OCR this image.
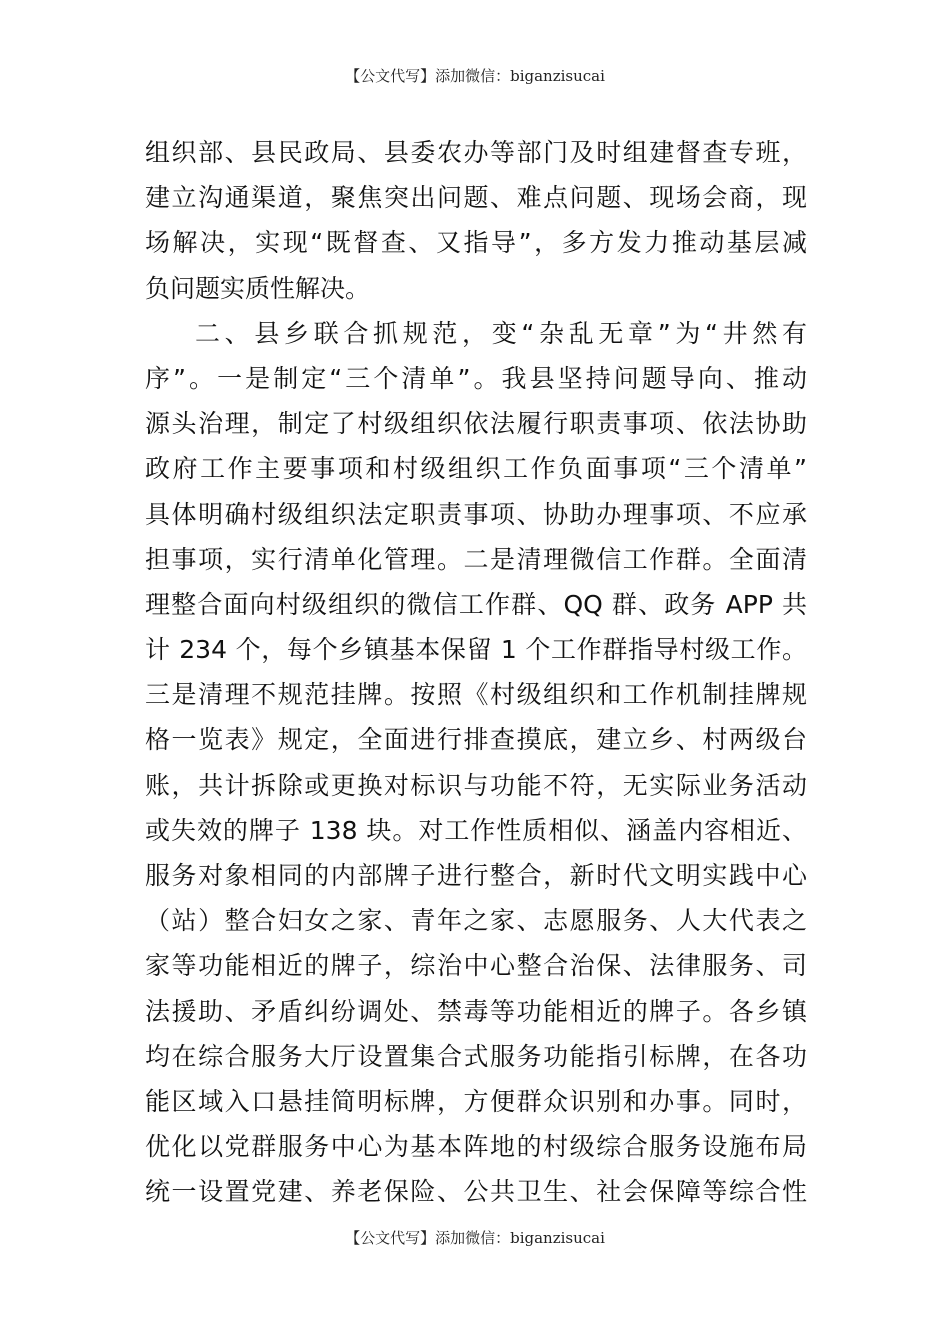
【公文代写】添加微信：biganzisucai
组织部、县民政局、县委农办等部门及时组建督查专班，
建立沟通渠道，聚焦突出问题、难点问题、现场会商，现
场解决，实现“既督查、又指导”，多方发力推动基层减
负问题实质性解决。
二、县乡联合抓规范，变“杂乱无章”为“井然有
序”。一是制定“三个清单”。我县坚持问题导向、推动
源头治理，制定了村级组织依法履行职责事项、依法协助
政府工作主要事项和村级组织工作负面事项“三个清单”
具体明确村级组织法定职责事项、协助办理事项、不应承
担事项，实行清单化管理。二是清理微信工作群。全面清
理整合面向村级组织的微信工作群、QQ 群、政务 APP 共
计 234 个，每个乡镇基本保留 1 个工作群指导村级工作。
三是清理不规范挂牌。按照《村级组织和工作机制挂牌规
格一览表》规定，全面进行排查摸底，建立乡、村两级台
账，共计拆除或更换对标识与功能不符，无实际业务活动
或失效的牌子 138 块。对工作性质相似、涵盖内容相近、
服务对象相同的内部牌子进行整合，新时代文明实践中心
（站）整合妇女之家、青年之家、志愿服务、人大代表之
家等功能相近的牌子，综治中心整合治保、法律服务、司
法援助、矛盾纠纷调处、禁毒等功能相近的牌子。各乡镇
均在综合服务大厅设置集合式服务功能指引标牌，在各功
能区域入口悬挂简明标牌，方便群众识别和办事。同时，
优化以党群服务中心为基本阵地的村级综合服务设施布局
统一设置党建、养老保险、公共卫生、社会保障等综合性
【公文代写】添加微信：biganzisucai
